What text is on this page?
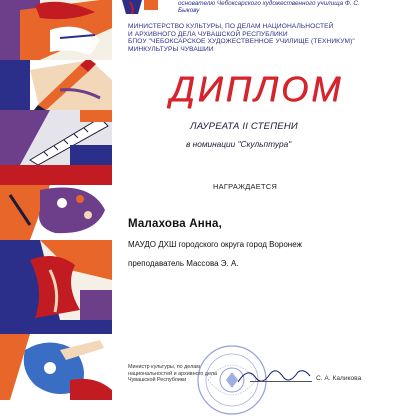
основателю Чебоксарского художественного училища Ф. С. Быкову
МИНИСТЕРСТВО КУЛЬТУРЫ, ПО ДЕЛАМ НАЦИОНАЛЬНОСТЕЙ
И АРХИВНОГО ДЕЛА ЧУВАШСКОЙ РЕСПУБЛИКИ
БПОУ "ЧЕБОКСАРСКОЕ ХУДОЖЕСТВЕННОЕ УЧИЛИЩЕ (ТЕХНИКУМ)"
МИНКУЛЬТУРЫ ЧУВАШИИ
ДИПЛОМ
ЛАУРЕАТА II СТЕПЕНИ
в номинации "Скульптура"
НАГРАЖДАЕТСЯ
Малахова Анна,
МАУДО ДХШ городского округа город Воронеж
преподаватель Массова Э. А.
Министр культуры, по делам
национальностей и архивного дела
Чувашской Республики	С. А. Каликова
